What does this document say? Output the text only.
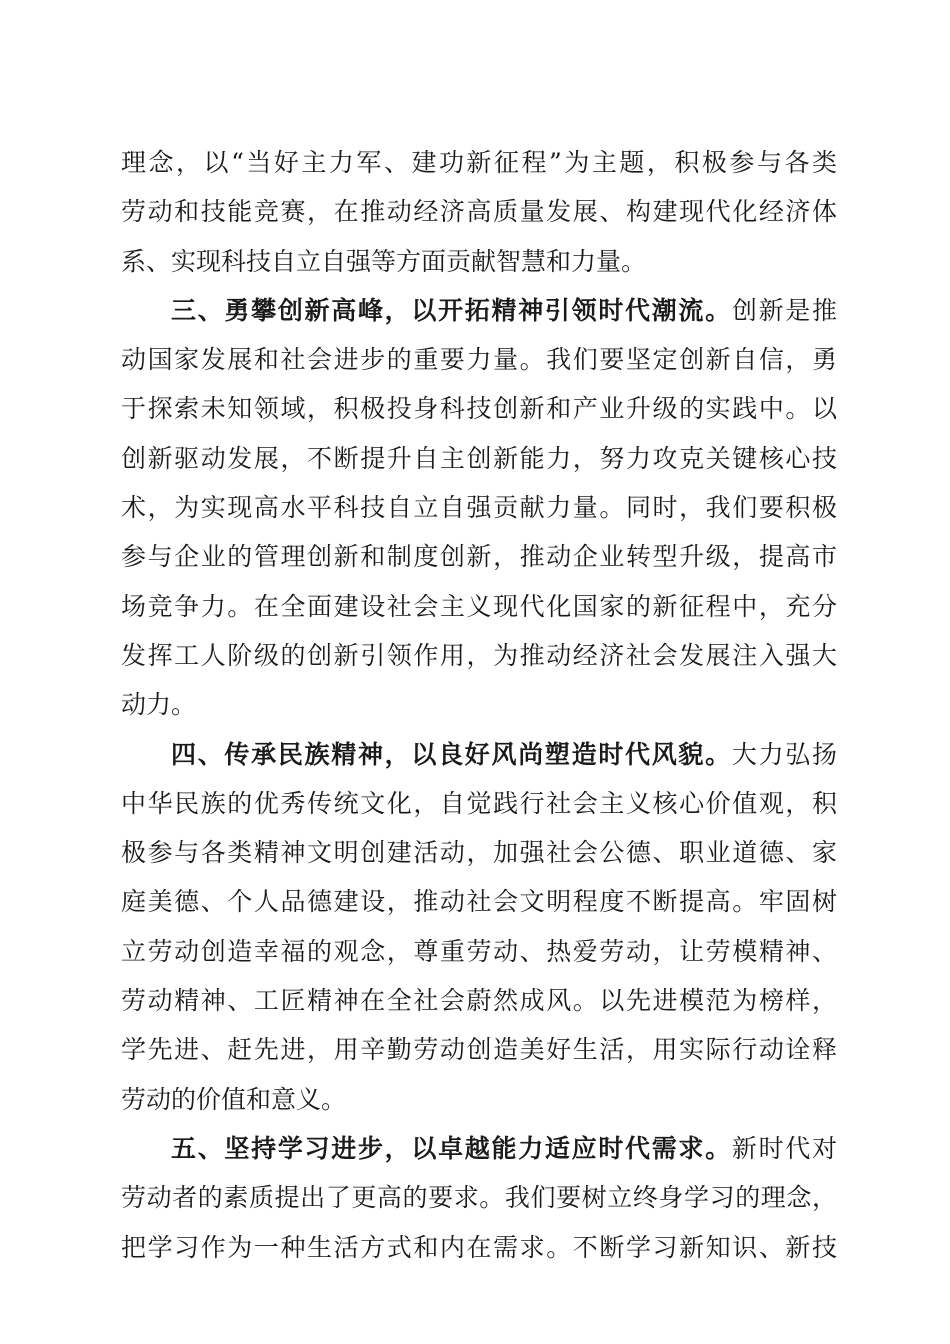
理念，以“当好主力军、建功新征程”为主题，积极参与各类
劳动和技能竞赛，在推动经济高质量发展、构建现代化经济体
系、实现科技自立自强等方面贡献智慧和力量。
三、勇攀创新高峰，以开拓精神引领时代潮流。创新是推
动国家发展和社会进步的重要力量。我们要坚定创新自信，勇
于探索未知领域，积极投身科技创新和产业升级的实践中。以
创新驱动发展，不断提升自主创新能力，努力攻克关键核心技
术，为实现高水平科技自立自强贡献力量。同时，我们要积极
参与企业的管理创新和制度创新，推动企业转型升级，提高市
场竞争力。在全面建设社会主义现代化国家的新征程中，充分
发挥工人阶级的创新引领作用，为推动经济社会发展注入强大
动力。
四、传承民族精神，以良好风尚塑造时代风貌。大力弘扬
中华民族的优秀传统文化，自觉践行社会主义核心价值观，积
极参与各类精神文明创建活动，加强社会公德、职业道德、家
庭美德、个人品德建设，推动社会文明程度不断提高。牢固树
立劳动创造幸福的观念，尊重劳动、热爱劳动，让劳模精神、
劳动精神、工匠精神在全社会蔚然成风。以先进模范为榜样，
学先进、赶先进，用辛勤劳动创造美好生活，用实际行动诠释
劳动的价值和意义。
五、坚持学习进步，以卓越能力适应时代需求。新时代对
劳动者的素质提出了更高的要求。我们要树立终身学习的理念，
把学习作为一种生活方式和内在需求。不断学习新知识、新技
